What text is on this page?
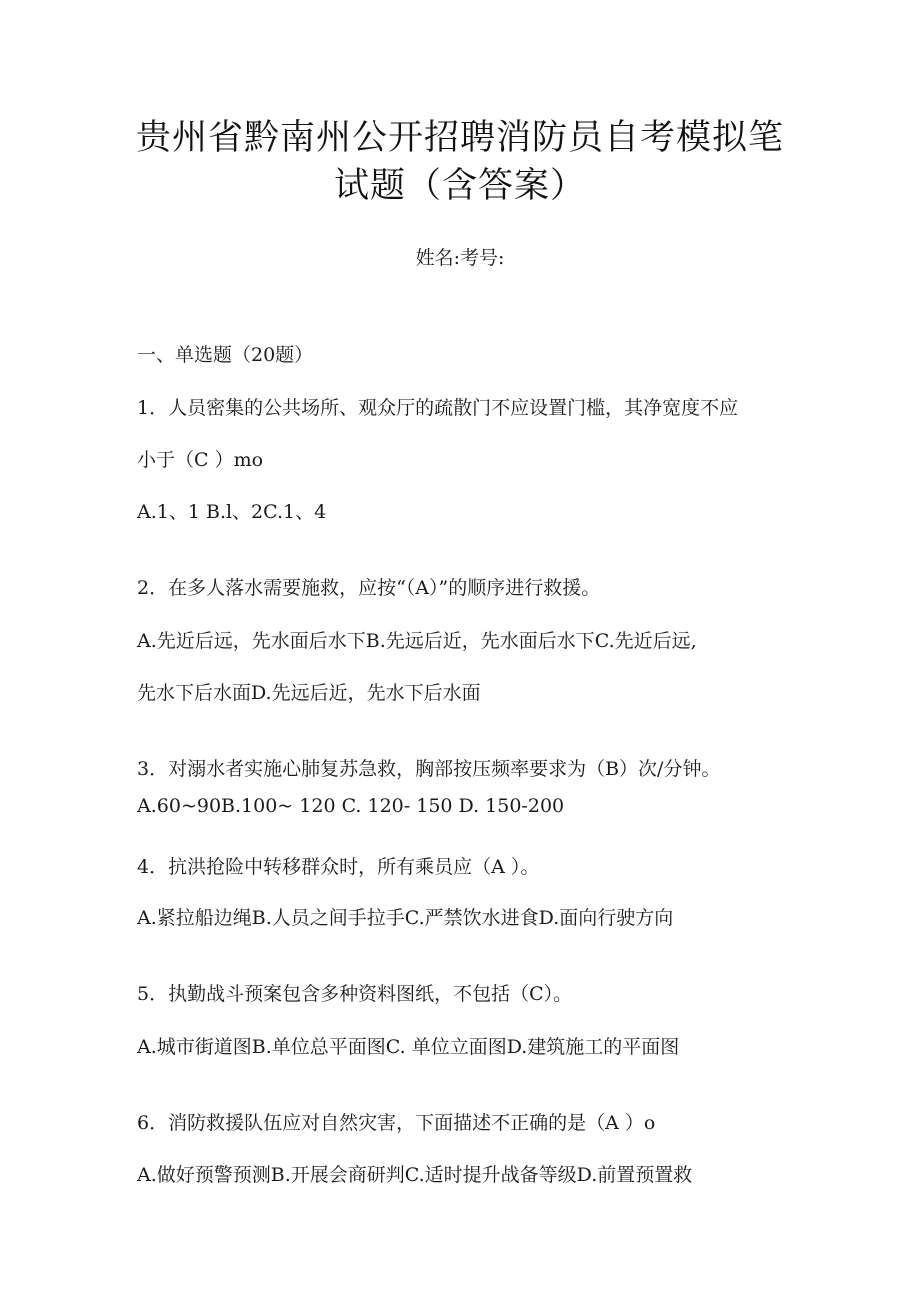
贵州省黔南州公开招聘消防员自考模拟笔
试题（含答案）
姓名:考号:
一、单选题（20题）
1．人员密集的公共场所、观众厅的疏散门不应设置门槛，其净宽度不应
小于（C ）mo
A.1、1 B.l、2C.1、4
2．在多人落水需要施救，应按“（A）”的顺序进行救援。
A.先近后远，先水面后水下B.先远后近，先水面后水下C.先近后远,
先水下后水面D.先远后近，先水下后水面
3．对溺水者实施心肺复苏急救，胸部按压频率要求为（B）次/分钟。
A.60~90B.100~ 120 C. 120- 150 D. 150-200
4．抗洪抢险中转移群众时，所有乘员应（A ）。
A.紧拉船边绳B.人员之间手拉手C.严禁饮水进食D.面向行驶方向
5．执勤战斗预案包含多种资料图纸，不包括（C）。
A.城市街道图B.单位总平面图C. 单位立面图D.建筑施工的平面图
6．消防救援队伍应对自然灾害，下面描述不正确的是（A ）o
A.做好预警预测B.开展会商研判C.适时提升战备等级D.前置预置救
